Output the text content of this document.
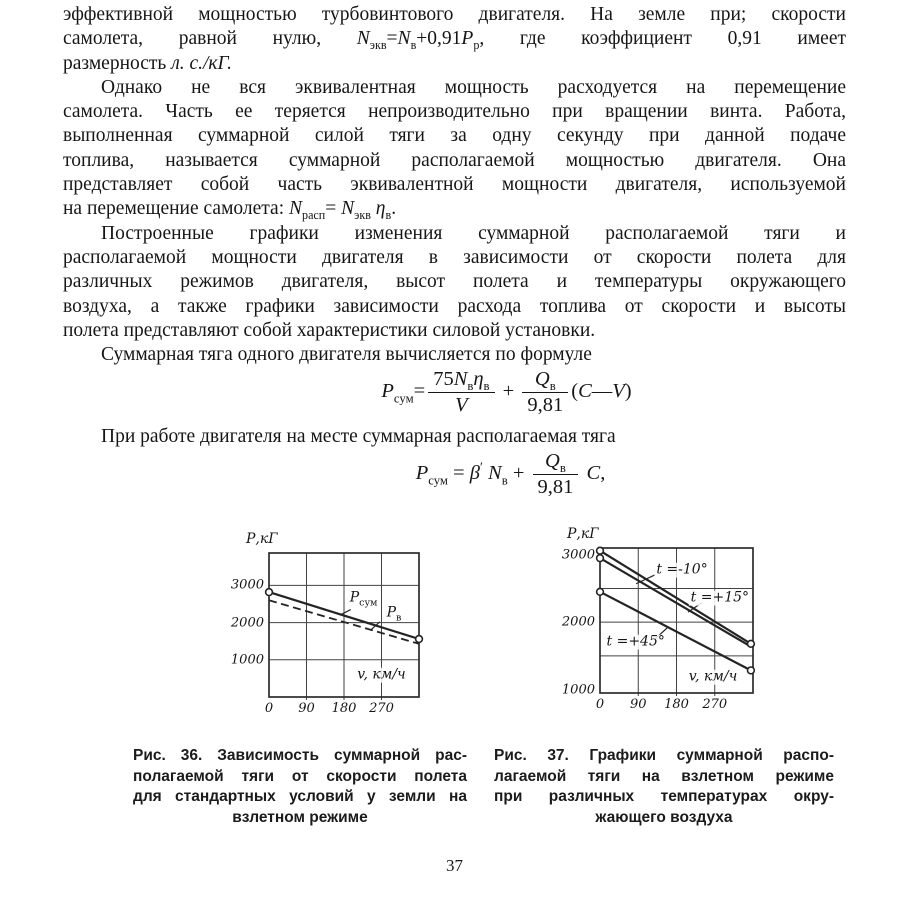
эффективной мощностью турбовинтового двигателя. На земле при; скорости
самолета, равной нулю, $N_{экв}=N_в+0,91P_р$, где коэффициент 0,91 имеет
размерность л. с./кГ.
Однако не вся эквивалентная мощность расходуется на перемещение
самолета. Часть ее теряется непроизводительно при вращении винта. Работа,
выполненная суммарной силой тяги за одну секунду при данной подаче
топлива, называется суммарной располагаемой мощностью двигателя. Она
представляет собой часть эквивалентной мощности двигателя, используемой
на перемещение самолета: $N_{расп}= N_{экв}$ $\eta_в$.
Построенные графики изменения суммарной располагаемой тяги и
располагаемой мощности двигателя в зависимости от скорости полета для
различных режимов двигателя, высот полета и температуры окружающего
воздуха, а также графики зависимости расхода топлива от скорости и высоты
полета представляют собой характеристики силовой установки.
Суммарная тяга одного двигателя вычисляется по формуле
$P_{сум}= \frac{75N_в\eta_в}{V} + \frac{Q_в}{9,81}$ (C—V)
При работе двигателя на месте суммарная располагаемая тяга
$P_{сум} = \beta'$ $N_в + \frac{Q_в}{9,81} C$,
Р,кГ
$Р_{сум}$
$Р_в$
v, км/ч
0 90 180 270
3000
2000
1000
Р,кГ
t =-10°
t =+15°
t =+45°
v, км/ч
0 90 180 270
3000
2000
1000
Рис. 36. Зависимость суммарной рас-
полагаемой тяги от скорости полета
для стандартных условий у земли на
взлетном режиме
Рис. 37. Графики суммарной распо-
лагаемой тяги на взлетном режиме
при различных температурах окру-
жающего воздуха
37
